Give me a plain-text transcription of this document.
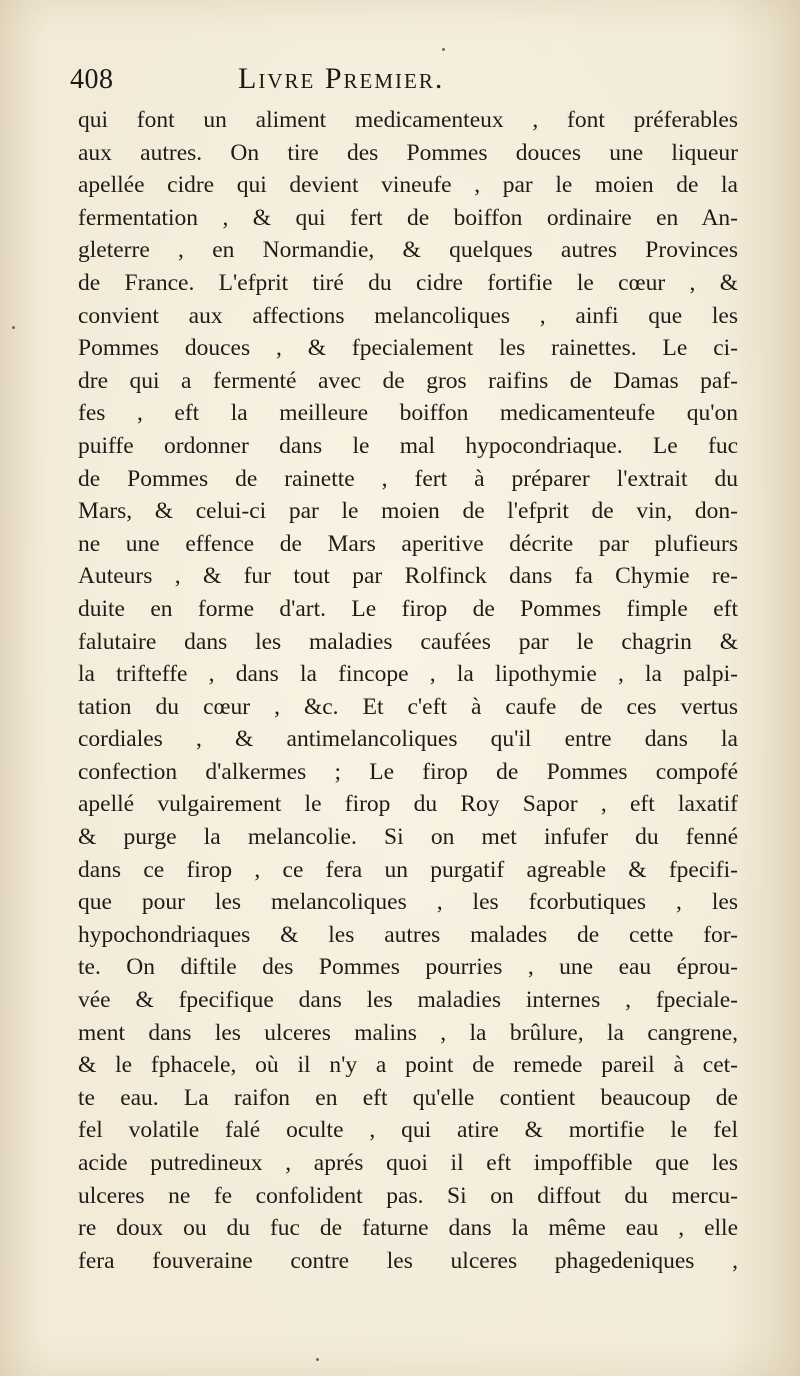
408	Livre Premier.
qui font un aliment medicamenteux , font préferables
aux autres. On tire des Pommes douces une liqueur
apellée cidre qui devient vineufe , par le moien de la
fermentation , & qui fert de boiffon ordinaire en An-
gleterre , en Normandie, & quelques autres Provinces
de France. L'efprit tiré du cidre fortifie le cœur , &
convient aux affections melancoliques , ainfi que les
Pommes douces , & fpecialement les rainettes. Le ci-
dre qui a fermenté avec de gros raifins de Damas paf-
fes , eft la meilleure boiffon medicamenteufe qu'on
puiffe ordonner dans le mal hypocondriaque. Le fuc
de Pommes de rainette , fert à préparer l'extrait du
Mars, & celui-ci par le moien de l'efprit de vin, don-
ne une effence de Mars aperitive décrite par plufieurs
Auteurs , & fur tout par Rolfinck dans fa Chymie re-
duite en forme d'art. Le firop de Pommes fimple eft
falutaire dans les maladies caufées par le chagrin &
la trifteffe , dans la fincope , la lipothymie , la palpi-
tation du cœur , &c. Et c'eft à caufe de ces vertus
cordiales , & antimelancoliques qu'il entre dans la
confection d'alkermes ; Le firop de Pommes compofé
apellé vulgairement le firop du Roy Sapor , eft laxatif
& purge la melancolie. Si on met infufer du fenné
dans ce firop , ce fera un purgatif agreable & fpecifi-
que pour les melancoliques , les fcorbutiques , les
hypochondriaques & les autres malades de cette for-
te. On diftile des Pommes pourries , une eau éprou-
vée & fpecifique dans les maladies internes , fpeciale-
ment dans les ulceres malins , la brûlure, la cangrene,
& le fphacele, où il n'y a point de remede pareil à cet-
te eau. La raifon en eft qu'elle contient beaucoup de
fel volatile falé oculte , qui atire & mortifie le fel
acide putredineux , aprés quoi il eft impoffible que les
ulceres ne fe confolident pas. Si on diffout du mercu-
re doux ou du fuc de faturne dans la même eau , elle
fera fouveraine contre les ulceres phagedeniques ,
